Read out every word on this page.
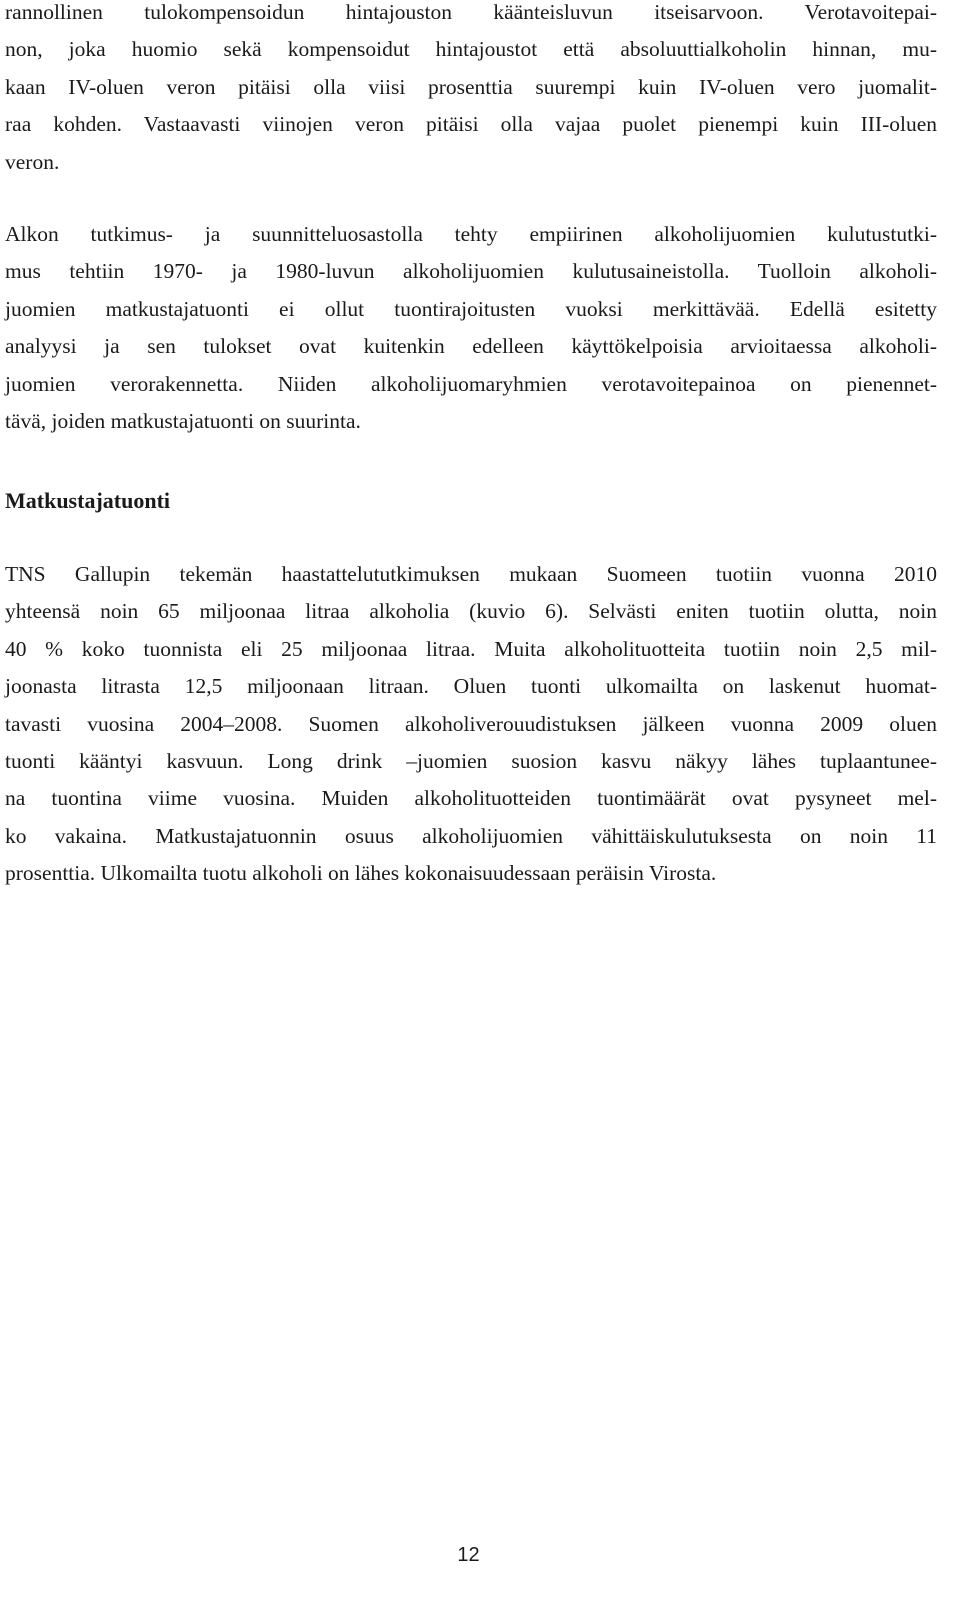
rannollinen tulokompensoidun hintajouston käänteisluvun itseisarvoon. Verotavoitepai-
non, joka huomio sekä kompensoidut hintajoustot että absoluuttialkoholin hinnan, mu-
kaan IV-oluen veron pitäisi olla viisi prosenttia suurempi kuin IV-oluen vero juomalit-
raa kohden. Vastaavasti viinojen veron pitäisi olla vajaa puolet pienempi kuin III-oluen
veron.
Alkon tutkimus- ja suunnitteluosastolla tehty empiirinen alkoholijuomien kulutustutki-
mus tehtiin 1970- ja 1980-luvun alkoholijuomien kulutusaineistolla. Tuolloin alkoholi-
juomien matkustajatuonti ei ollut tuontirajoitusten vuoksi merkittävää. Edellä esitetty
analyysi ja sen tulokset ovat kuitenkin edelleen käyttökelpoisia arvioitaessa alkoholi-
juomien verorakennetta. Niiden alkoholijuomaryhmien verotavoitepainoa on pienennet-
tävä, joiden matkustajatuonti on suurinta.
Matkustajatuonti
TNS Gallupin tekemän haastattelututkimuksen mukaan Suomeen tuotiin vuonna 2010
yhteensä noin 65 miljoonaa litraa alkoholia (kuvio 6). Selvästi eniten tuotiin olutta, noin
40 % koko tuonnista eli 25 miljoonaa litraa. Muita alkoholituotteita tuotiin noin 2,5 mil-
joonasta litrasta 12,5 miljoonaan litraan. Oluen tuonti ulkomailta on laskenut huomat-
tavasti vuosina 2004–2008. Suomen alkoholiverouudistuksen jälkeen vuonna 2009 oluen
tuonti kääntyi kasvuun. Long drink –juomien suosion kasvu näkyy lähes tuplaantunee-
na tuontina viime vuosina. Muiden alkoholituotteiden tuontimäärät ovat pysyneet mel-
ko vakaina. Matkustajatuonnin osuus alkoholijuomien vähittäiskulutuksesta on noin 11
prosenttia. Ulkomailta tuotu alkoholi on lähes kokonaisuudessaan peräisin Virosta.
12
